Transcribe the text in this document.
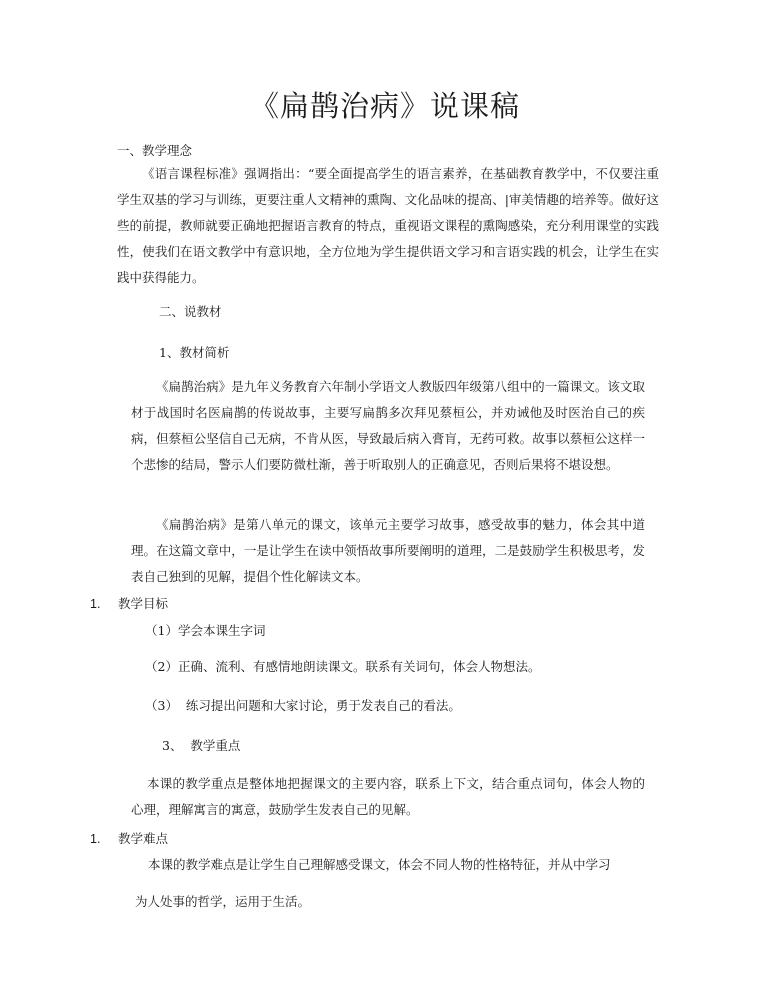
《扁鹊治病》说课稿
一、教学理念

《语言课程标准》强调指出：“要全面提高学生的语言素养，在基础教育教学中，不仅要注重学生双基的学习与训练，更要注重人文精神的熏陶、文化品味的提高、|审美情趣的培养等。做好这些的前提，教师就要正确地把握语言教育的特点，重视语文课程的熏陶感染，充分利用课堂的实践性，使我们在语文教学中有意识地，全方位地为学生提供语文学习和言语实践的机会，让学生在实践中获得能力。

二、说教材
1、教材简析

《扁鹊治病》是九年义务教育六年制小学语文人教版四年级第八组中的一篇课文。该文取材于战国时名医扁鹊的传说故事，主要写扁鹊多次拜见蔡桓公，并劝诫他及时医治自己的疾病，但蔡桓公坚信自己无病，不肯从医，导致最后病入膏肓，无药可救。故事以蔡桓公这样一个悲惨的结局，警示人们要防微杜渐，善于听取别人的正确意见，否则后果将不堪设想。

《扁鹊治病》是第八单元的课文，该单元主要学习故事，感受故事的魅力，体会其中道理。在这篇文章中，一是让学生在读中领悟故事所要阐明的道理，二是鼓励学生积极思考，发表自己独到的见解，提倡个性化解读文本。

1. 教学目标
（1）学会本课生字词
（2）正确、流利、有感情地朗读课文。联系有关词句，体会人物想法。
（3）  练习提出问题和大家讨论，勇于发表自己的看法。
3、  教学重点

本课的教学重点是整体地把握课文的主要内容，联系上下文，结合重点词句，体会人物的心理，理解寓言的寓意，鼓励学生发表自己的见解。

1. 教学难点
本课的教学难点是让学生自己理解感受课文，体会不同人物的性格特征，并从中学习
为人处事的哲学，运用于生活。
